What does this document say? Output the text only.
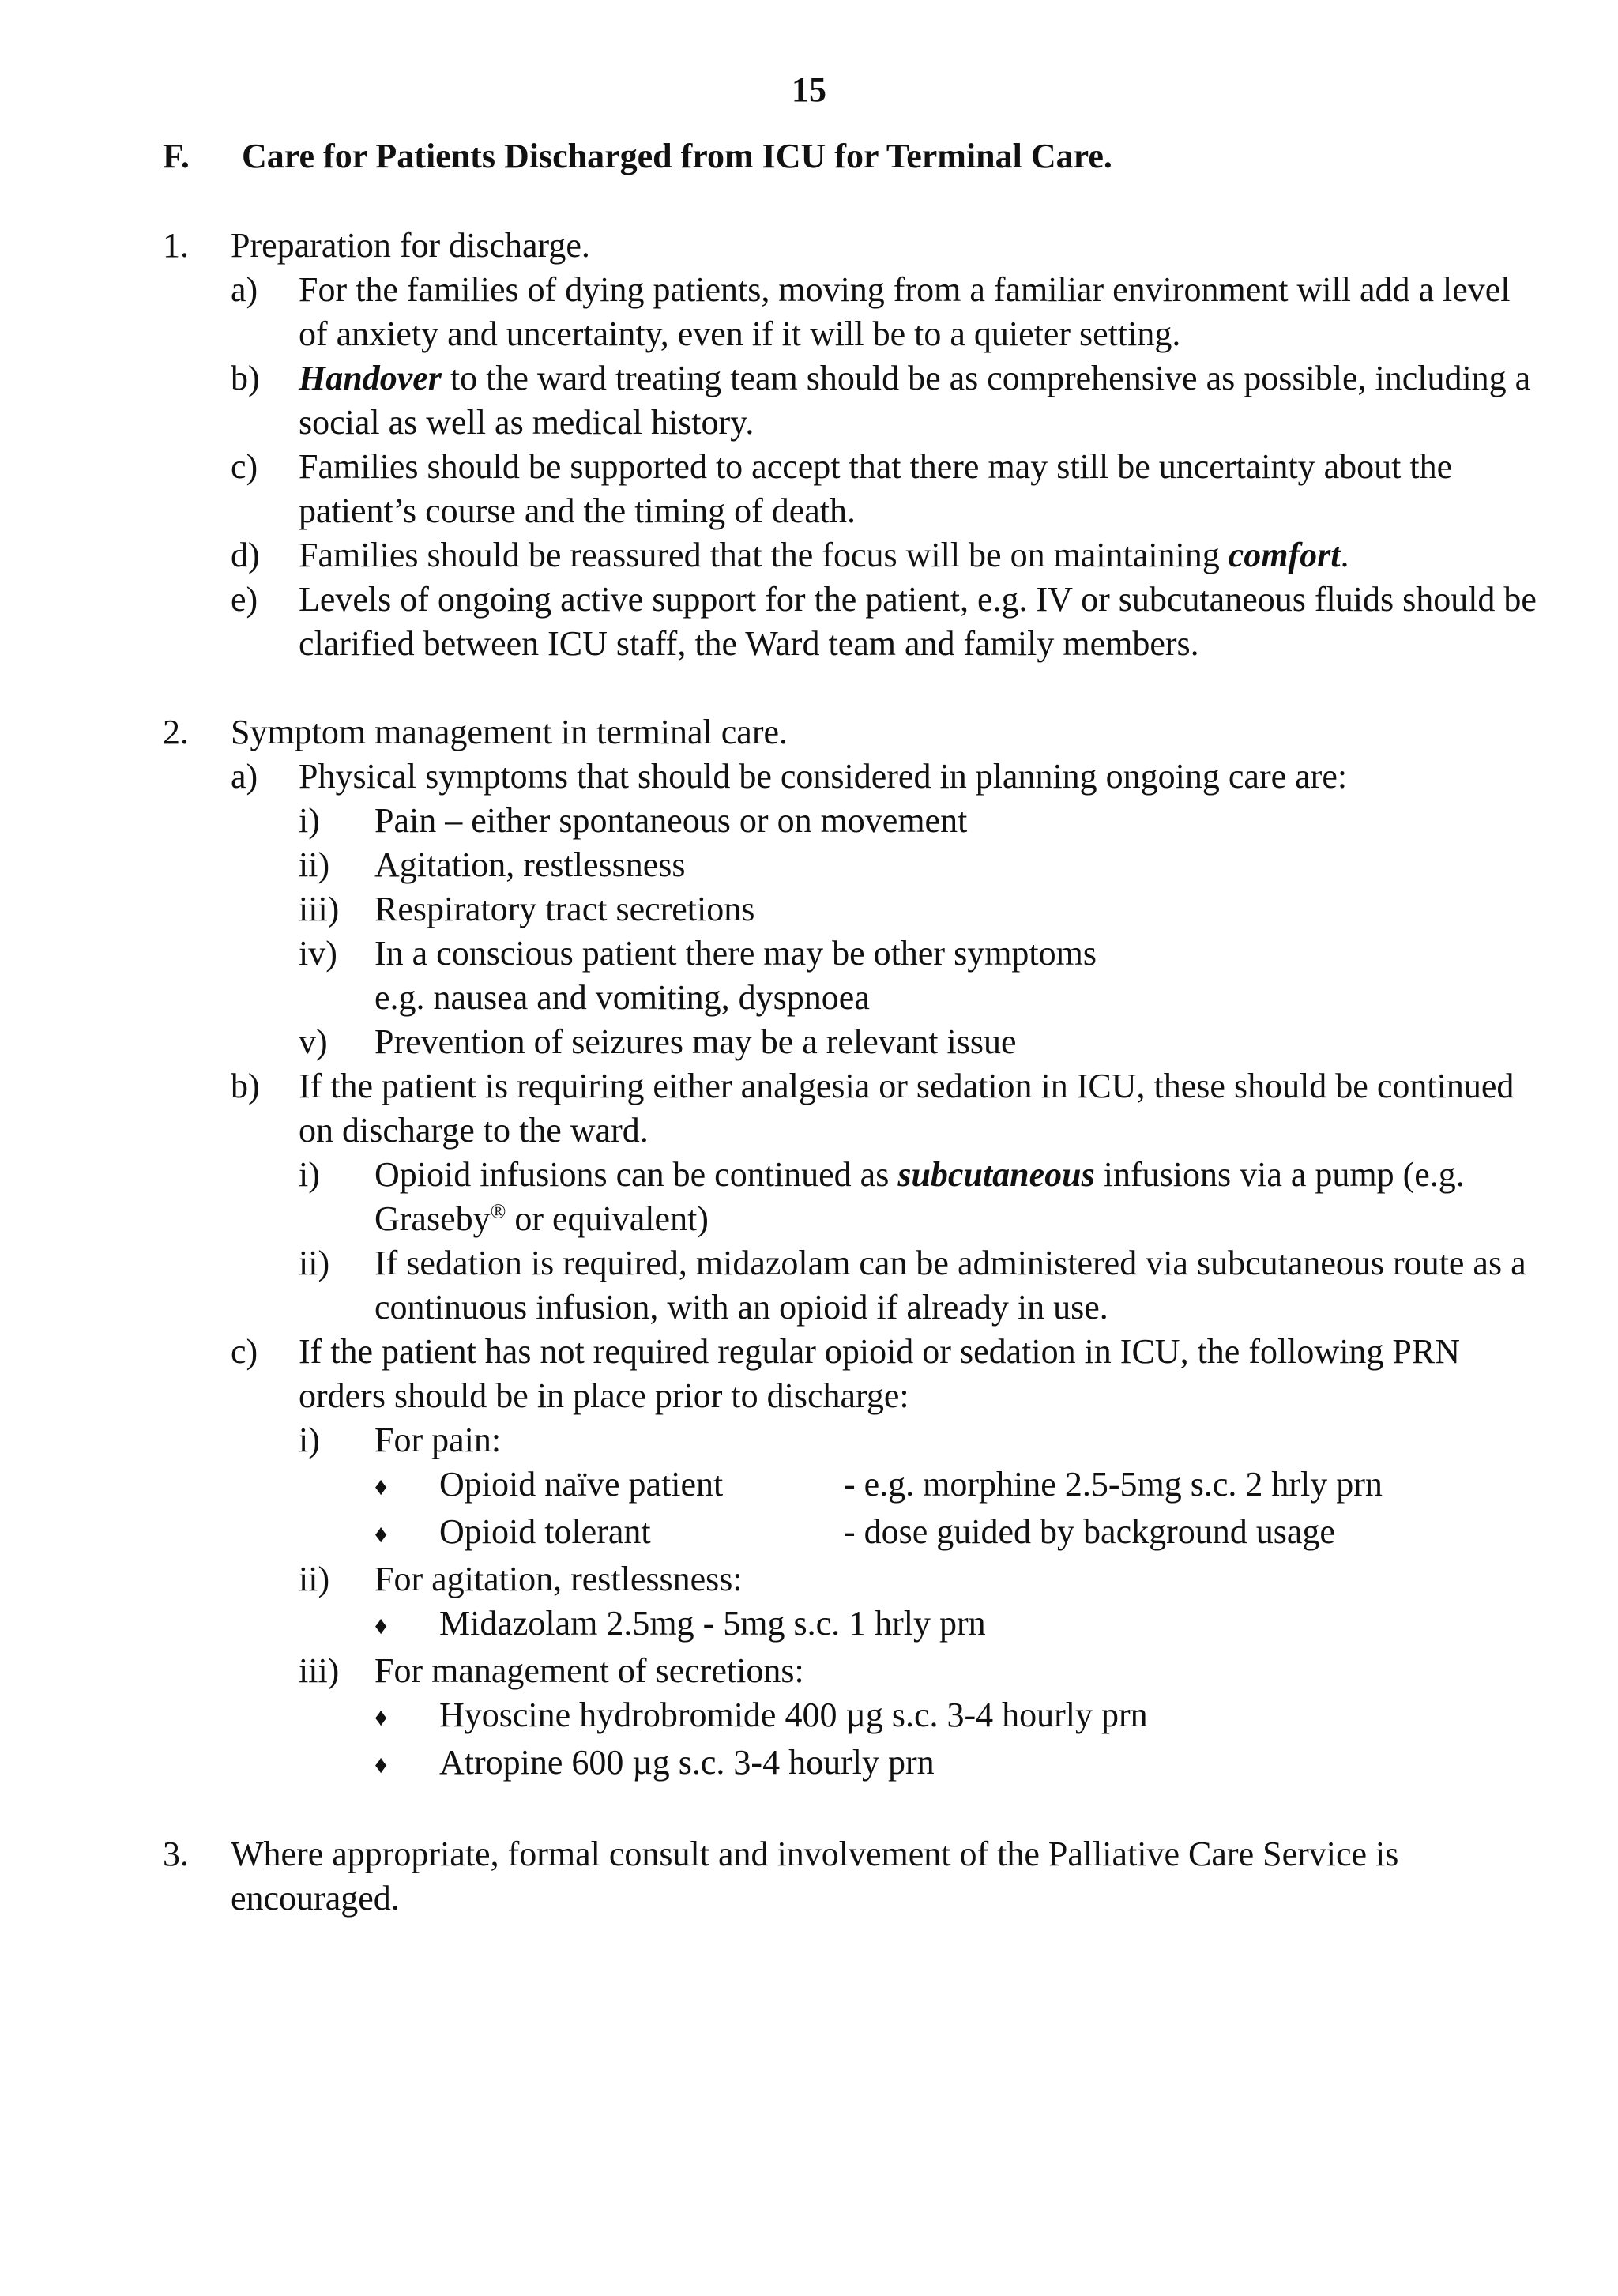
15
F. Care for Patients Discharged from ICU for Terminal Care.
1.	Preparation for discharge.
a)	For the families of dying patients, moving from a familiar environment will add a level of anxiety and uncertainty, even if it will be to a quieter setting.
b)	Handover to the ward treating team should be as comprehensive as possible, including a social as well as medical history.
c)	Families should be supported to accept that there may still be uncertainty about the patient’s course and the timing of death.
d)	Families should be reassured that the focus will be on maintaining comfort.
e)	Levels of ongoing active support for the patient, e.g. IV or subcutaneous fluids should be clarified between ICU staff, the Ward team and family members.
2.	Symptom management in terminal care.
a)	Physical symptoms that should be considered in planning ongoing care are:
i)	Pain – either spontaneous or on movement
ii)	Agitation, restlessness
iii)	Respiratory tract secretions
iv)	In a conscious patient there may be other symptoms
e.g. nausea and vomiting, dyspnoea
v)	Prevention of seizures may be a relevant issue
b)	If the patient is requiring either analgesia or sedation in ICU, these should be continued on discharge to the ward.
i)	Opioid infusions can be continued as subcutaneous infusions via a pump (e.g. Graseby® or equivalent)
ii)	If sedation is required, midazolam can be administered via subcutaneous route as a continuous infusion, with an opioid if already in use.
c)	If the patient has not required regular opioid or sedation in ICU, the following PRN orders should be in place prior to discharge:
i)	For pain:
♦	Opioid naïve patient	- e.g. morphine 2.5-5mg s.c. 2 hrly prn
♦	Opioid tolerant	- dose guided by background usage
ii)	For agitation, restlessness:
♦	Midazolam 2.5mg - 5mg s.c. 1 hrly prn
iii)	For management of secretions:
♦	Hyoscine hydrobromide 400 µg s.c. 3-4 hourly prn
♦	Atropine 600 µg s.c. 3-4 hourly prn
3.	Where appropriate, formal consult and involvement of the Palliative Care Service is encouraged.
